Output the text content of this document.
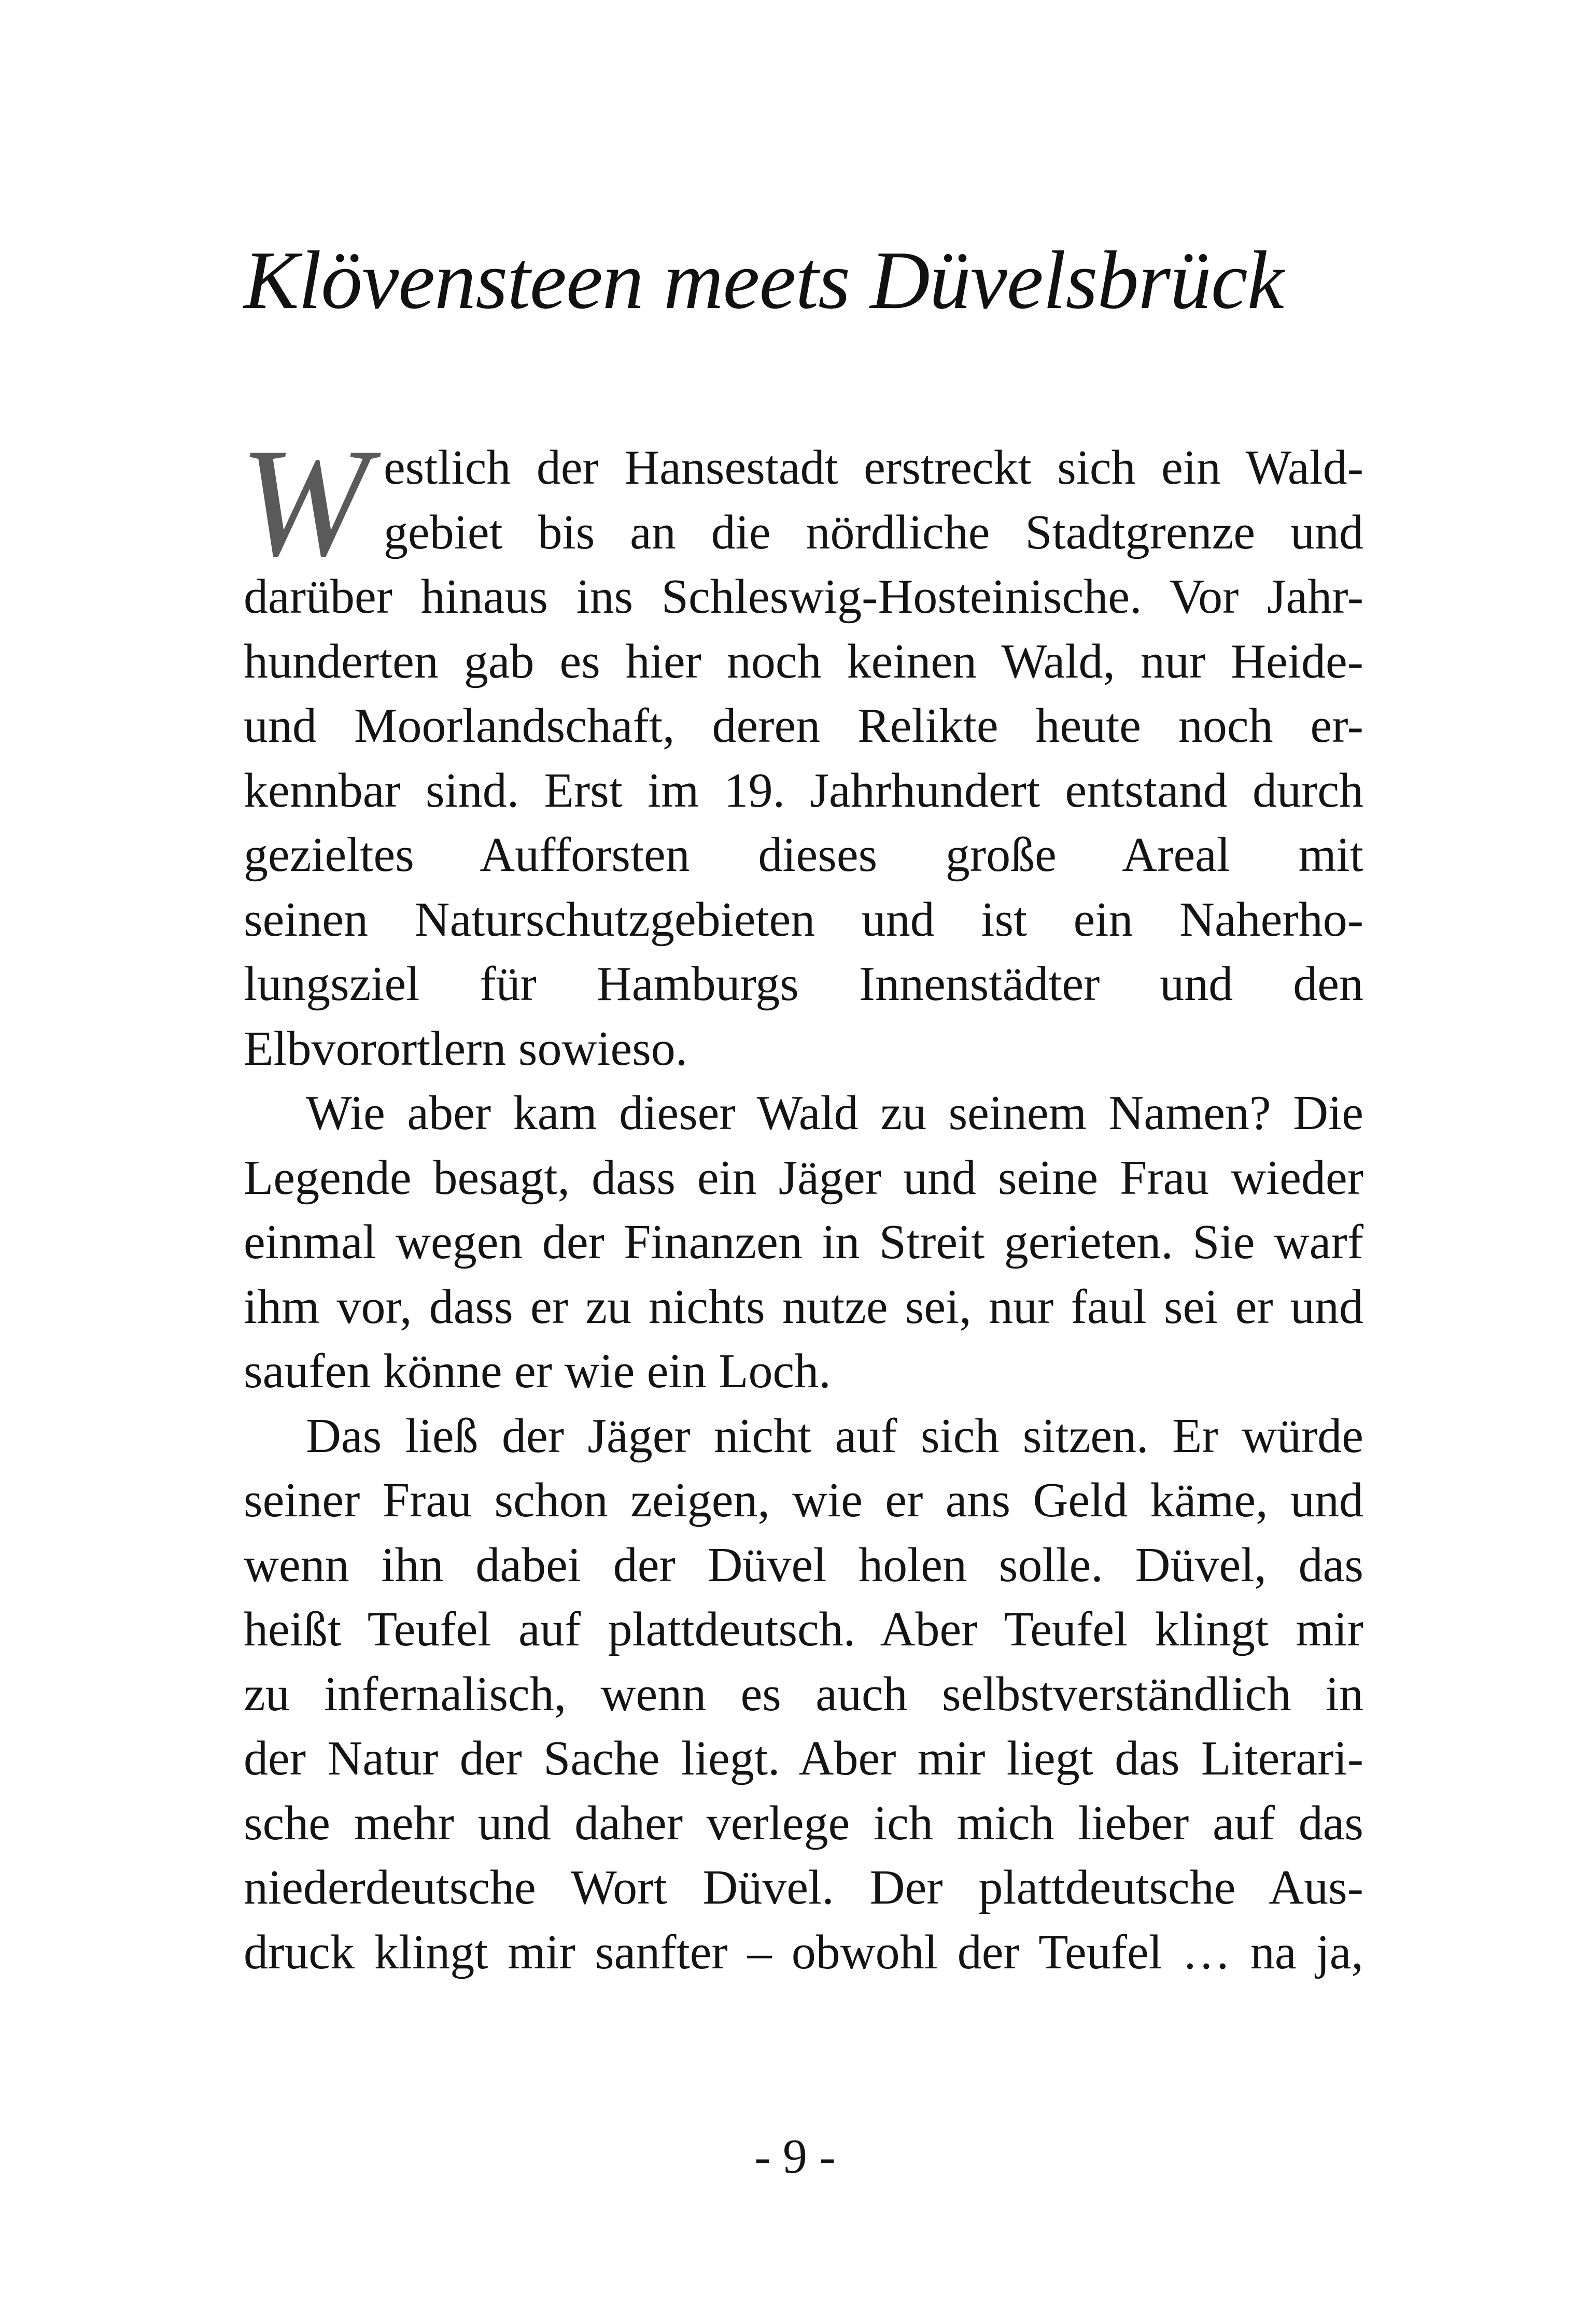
Klövensteen meets Düvelsbrück
W estlich der Hansestadt erstreckt sich ein Wald-
gebiet bis an die nördliche Stadtgrenze und
darüber hinaus ins Schleswig-Hosteinische. Vor Jahr-
hunderten gab es hier noch keinen Wald, nur Heide-
und Moorlandschaft, deren Relikte heute noch er-
kennbar sind. Erst im 19. Jahrhundert entstand durch
gezieltes Aufforsten dieses große Areal mit
seinen Naturschutzgebieten und ist ein Naherho-
lungsziel für Hamburgs Innenstädter und den
Elbvorortlern sowieso.
Wie aber kam dieser Wald zu seinem Namen? Die
Legende besagt, dass ein Jäger und seine Frau wieder
einmal wegen der Finanzen in Streit gerieten. Sie warf
ihm vor, dass er zu nichts nutze sei, nur faul sei er und
saufen könne er wie ein Loch.
Das ließ der Jäger nicht auf sich sitzen. Er würde
seiner Frau schon zeigen, wie er ans Geld käme, und
wenn ihn dabei der Düvel holen solle. Düvel, das
heißt Teufel auf plattdeutsch. Aber Teufel klingt mir
zu infernalisch, wenn es auch selbstverständlich in
der Natur der Sache liegt. Aber mir liegt das Literari-
sche mehr und daher verlege ich mich lieber auf das
niederdeutsche Wort Düvel. Der plattdeutsche Aus-
druck klingt mir sanfter – obwohl der Teufel … na ja,
- 9 -
